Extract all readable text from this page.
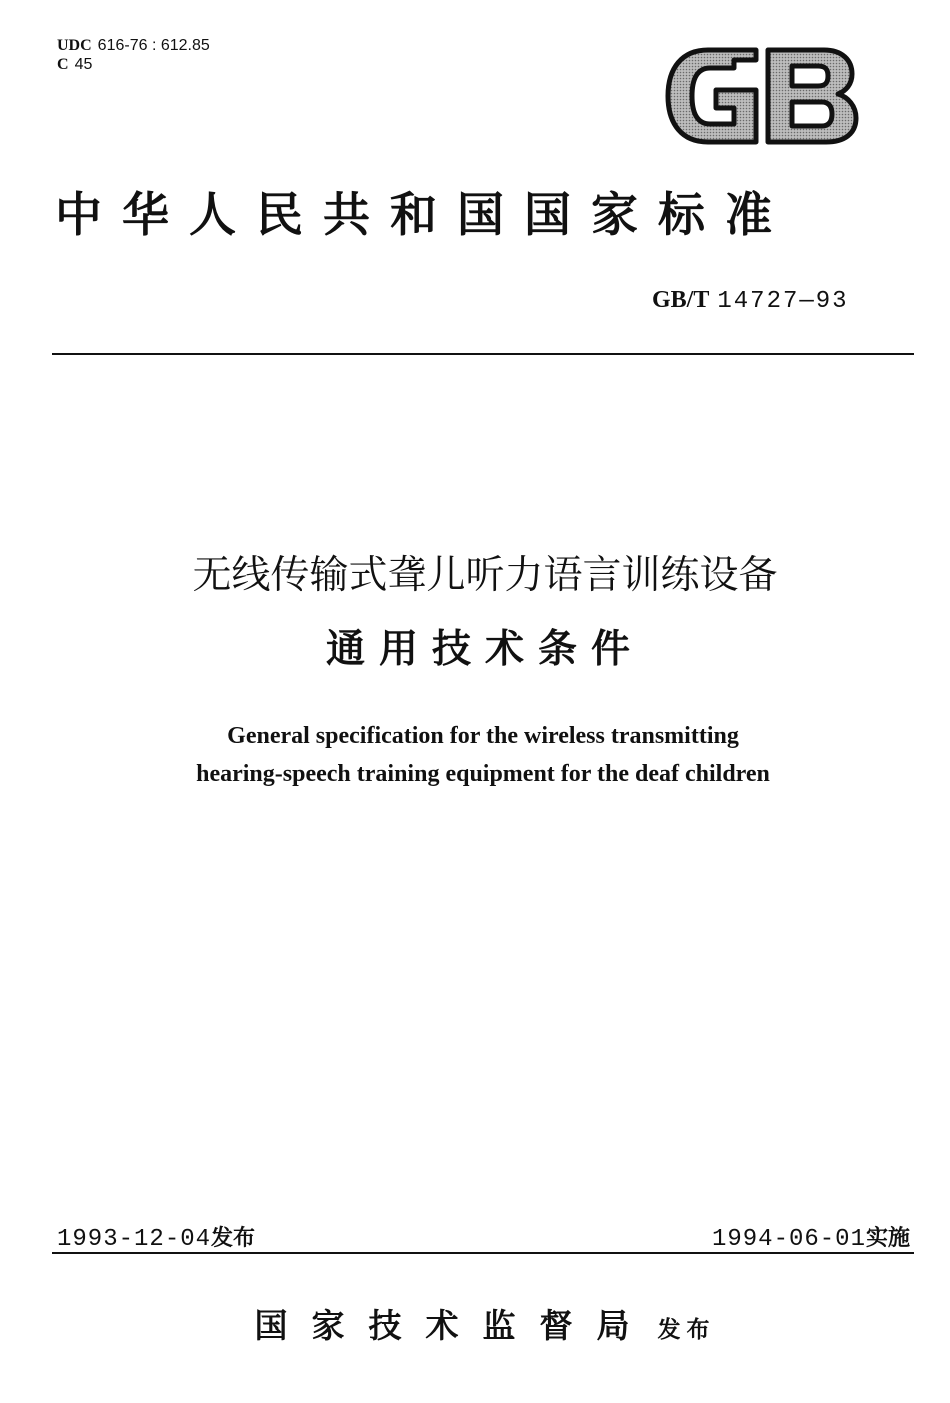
UDC 616-76 : 612.85
C 45
中华人民共和国国家标准
GB/T 14727—93
无线传输式聋儿听力语言训练设备
通用技术条件
General specification for the wireless transmitting
hearing-speech training equipment for the deaf children
1993-12-04发布	1994-06-01实施
国家技术监督局 发布
